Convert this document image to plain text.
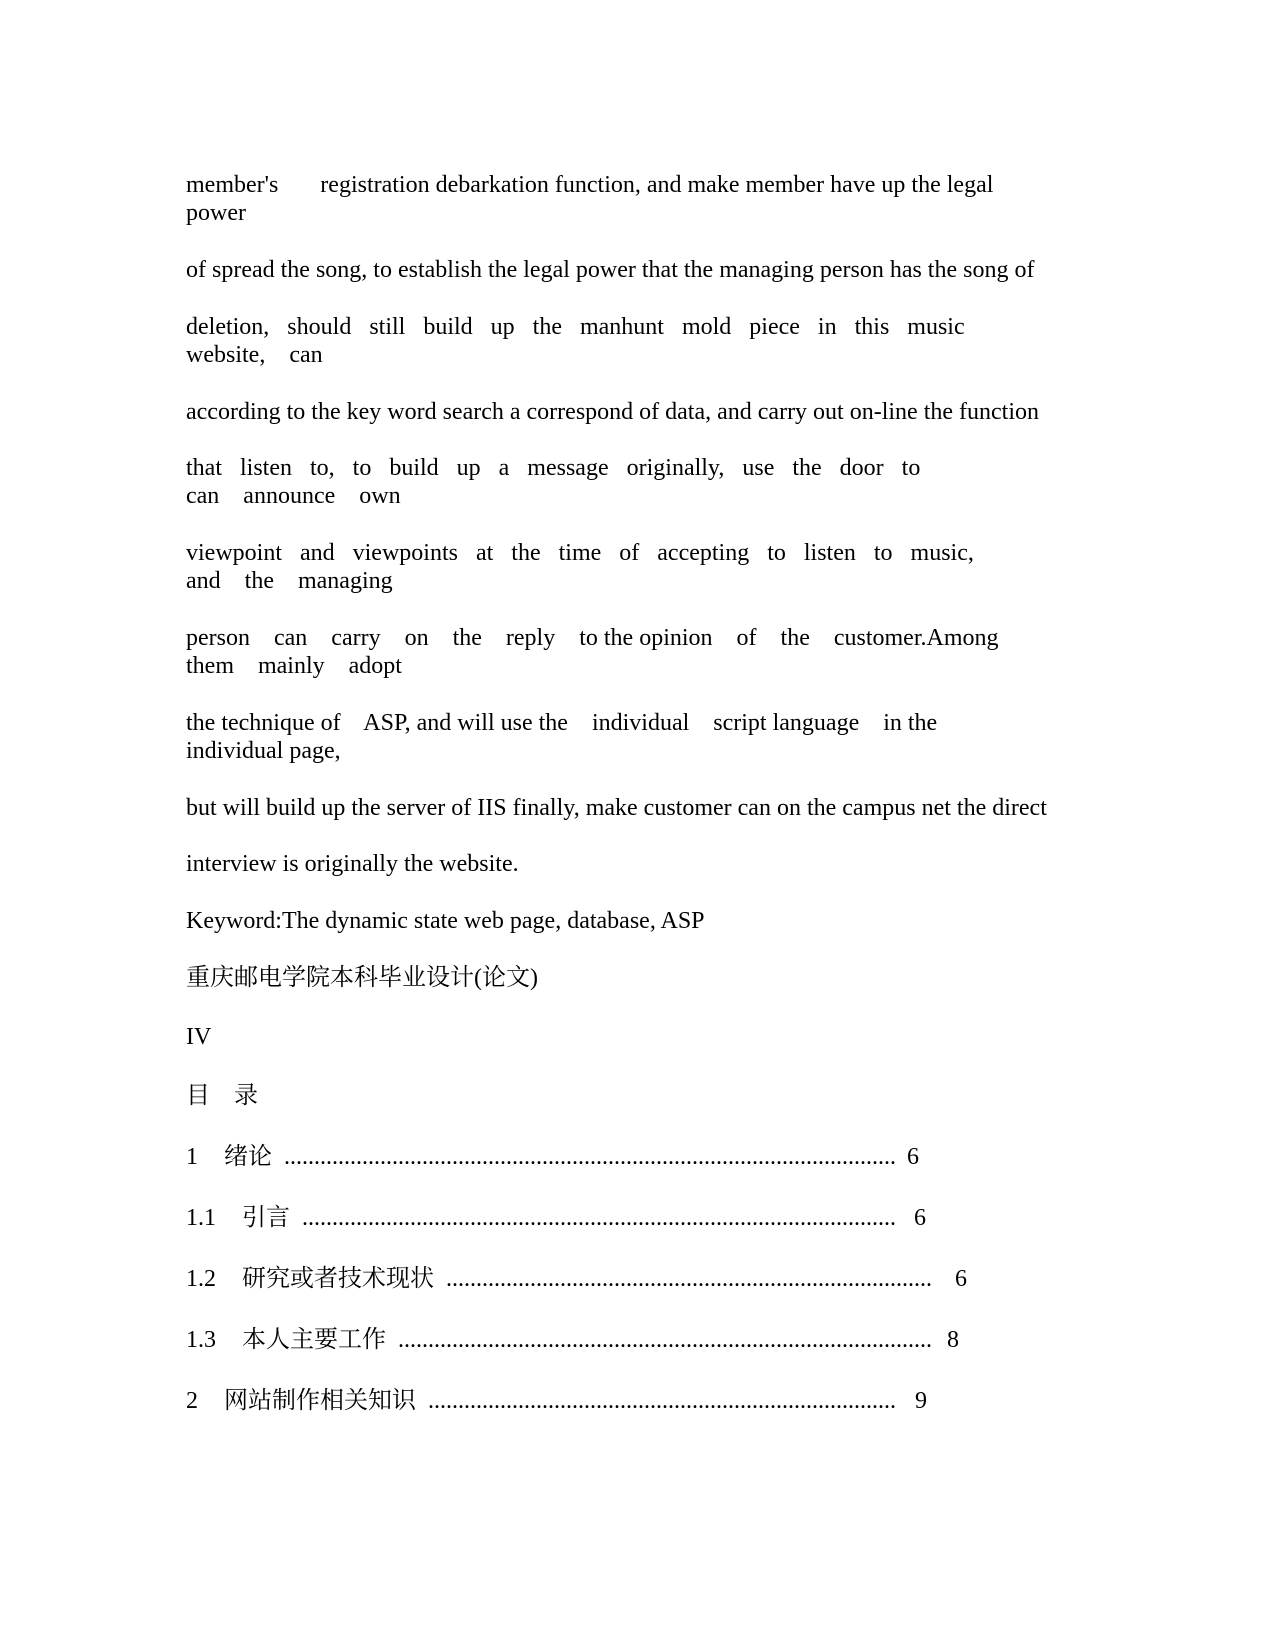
member's       registration debarkation function, and make member have up the legal
power
of spread the song, to establish the legal power that the managing person has the song of
deletion,   should   still   build   up   the   manhunt   mold   piece   in   this   music
website,    can
according to the key word search a correspond of data, and carry out on-line the function
that   listen   to,   to   build   up   a   message   originally,   use   the   door   to
can    announce    own
viewpoint   and   viewpoints   at   the   time   of   accepting   to   listen   to   music,
and    the    managing
person    can    carry    on    the    reply    to the opinion    of    the    customer.Among
them    mainly    adopt
the technique of    ASP, and will use the    individual    script language    in the
individual page,
but will build up the server of IIS finally, make customer can on the campus net the direct
interview is originally the website.
Keyword:The dynamic state web page, database, ASP
重庆邮电学院本科毕业设计(论文)
IV
目    录
1	绪论 ...................................................................................................... 6
1.1	引言 ................................................................................................... 6
1.2	研究或者技术现状 ................................................................................. 6
1.3	本人主要工作 ......................................................................................... 8
2	网站制作相关知识 .............................................................................. 9
